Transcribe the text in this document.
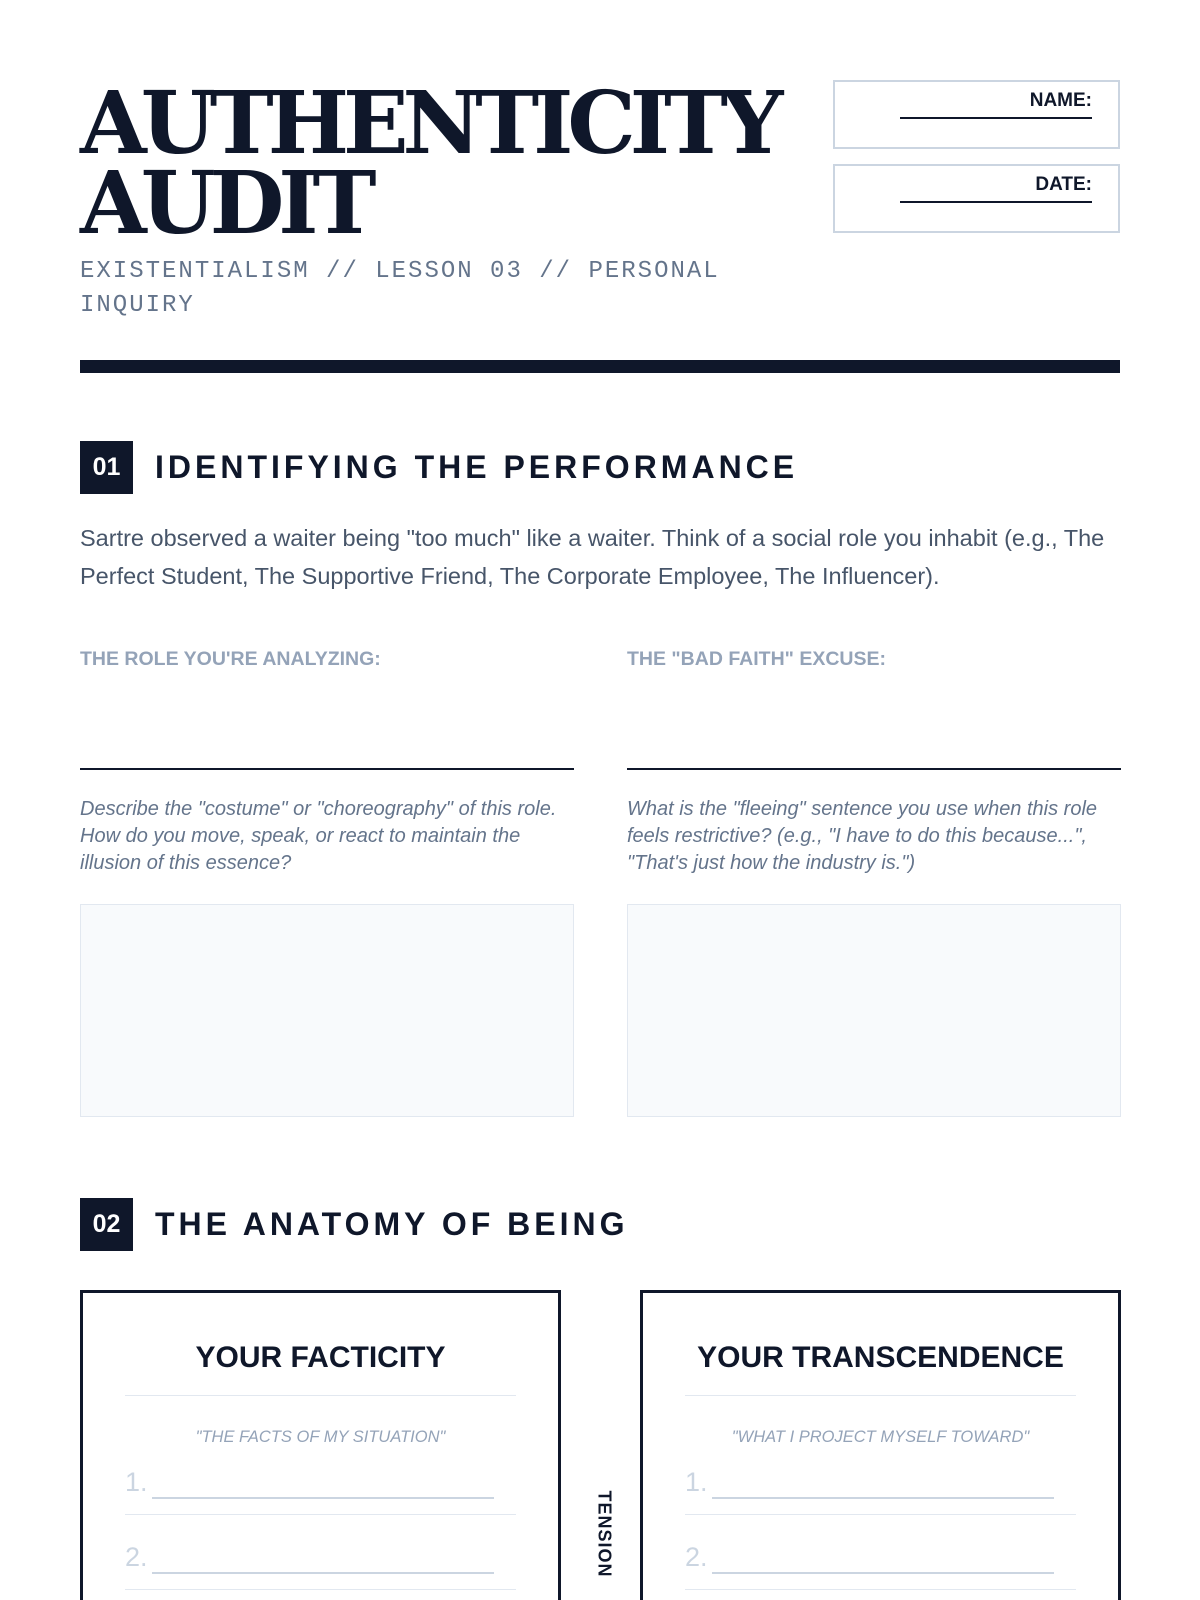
AUTHENTICITY
AUDIT
EXISTENTIALISM // LESSON 03 // PERSONAL INQUIRY
NAME:
DATE:
01	IDENTIFYING THE PERFORMANCE
Sartre observed a waiter being "too much" like a waiter. Think of a social role you inhabit (e.g., The Perfect Student, The Supportive Friend, The Corporate Employee, The Influencer).
THE ROLE YOU'RE ANALYZING:
Describe the "costume" or "choreography" of this role. How do you move, speak, or react to maintain the illusion of this essence?
THE "BAD FAITH" EXCUSE:
What is the "fleeing" sentence you use when this role feels restrictive? (e.g., "I have to do this because...", "That's just how the industry is.")
02	THE ANATOMY OF BEING
YOUR FACTICITY
"THE FACTS OF MY SITUATION"
1.
2.	TENSION
YOUR TRANSCENDENCE
"WHAT I PROJECT MYSELF TOWARD"
1.
2.
